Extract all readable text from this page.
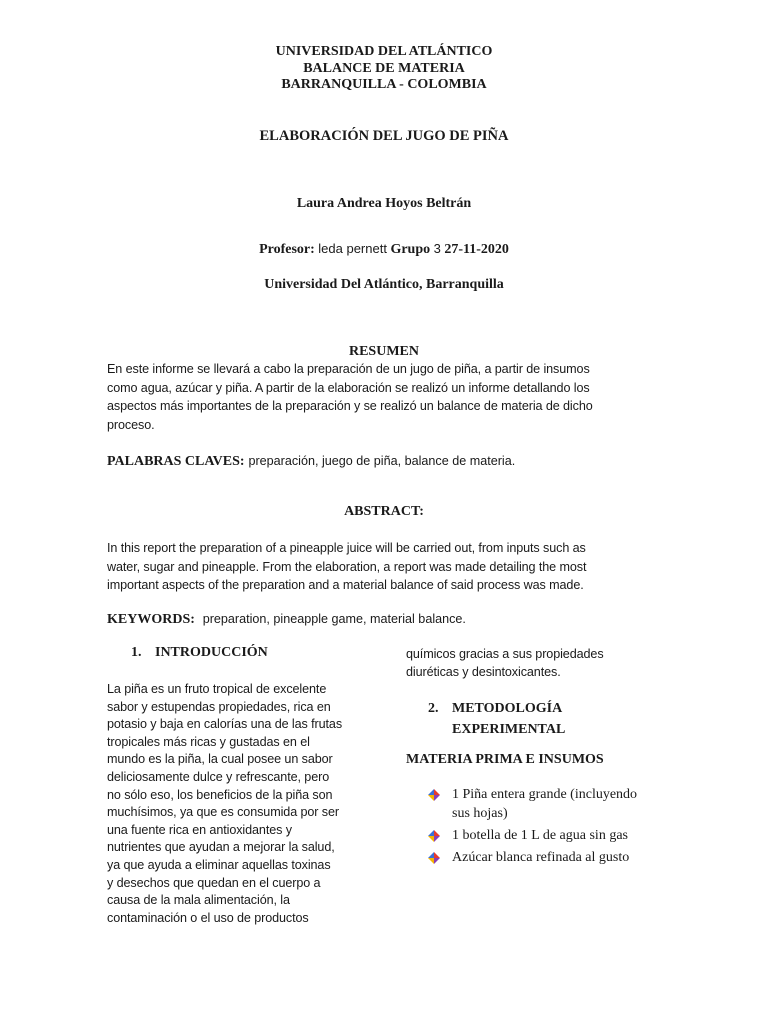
UNIVERSIDAD DEL ATLÁNTICO
BALANCE DE MATERIA
BARRANQUILLA - COLOMBIA
ELABORACIÓN DEL JUGO DE PIÑA
Laura Andrea Hoyos Beltrán
Profesor: leda pernett Grupo 3 27-11-2020
Universidad Del Atlántico, Barranquilla
RESUMEN
En este informe se llevará a cabo la preparación de un jugo de piña, a partir de insumos
como agua, azúcar y piña. A partir de la elaboración se realizó un informe detallando los
aspectos más importantes de la preparación y se realizó un balance de materia de dicho
proceso.
PALABRAS CLAVES: preparación, juego de piña, balance de materia.
ABSTRACT:
In this report the preparation of a pineapple juice will be carried out, from inputs such as
water, sugar and pineapple. From the elaboration, a report was made detailing the most
important aspects of the preparation and a material balance of said process was made.
KEYWORDS: preparation, pineapple game, material balance.
1. INTRODUCCIÓN
La piña es un fruto tropical de excelente
sabor y estupendas propiedades, rica en
potasio y baja en calorías una de las frutas
tropicales más ricas y gustadas en el
mundo es la piña, la cual posee un sabor
deliciosamente dulce y refrescante, pero
no sólo eso, los beneficios de la piña son
muchísimos, ya que es consumida por ser
una fuente rica en antioxidantes y
nutrientes que ayudan a mejorar la salud,
ya que ayuda a eliminar aquellas toxinas
y desechos que quedan en el cuerpo a
causa de la mala alimentación, la
contaminación o el uso de productos
químicos gracias a sus propiedades
diuréticas y desintoxicantes.
2. METODOLOGÍA
EXPERIMENTAL
MATERIA PRIMA E INSUMOS
1 Piña entera grande (incluyendo
sus hojas)
1 botella de 1 L de agua sin gas
Azúcar blanca refinada al gusto
